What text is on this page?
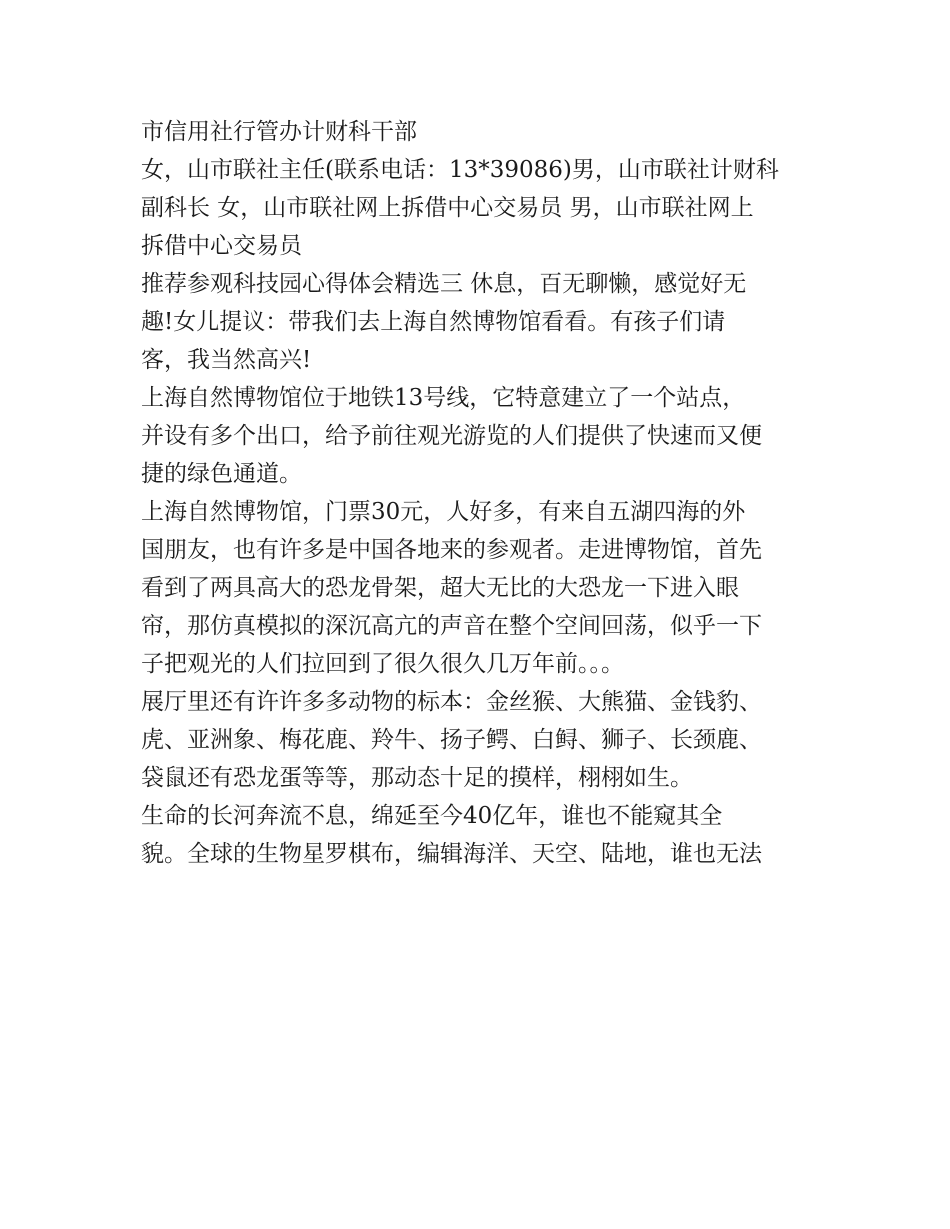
市信用社行管办计财科干部

女，山市联社主任(联系电话：13*39086)男，山市联社计财科

副科长 女，山市联社网上拆借中心交易员 男，山市联社网上

拆借中心交易员

推荐参观科技园心得体会精选三 休息，百无聊懒，感觉好无

趣!女儿提议：带我们去上海自然博物馆看看。有孩子们请

客，我当然高兴!

上海自然博物馆位于地铁13号线，它特意建立了一个站点，

并设有多个出口，给予前往观光游览的人们提供了快速而又便

捷的绿色通道。

上海自然博物馆，门票30元，人好多，有来自五湖四海的外

国朋友，也有许多是中国各地来的参观者。走进博物馆，首先

看到了两具高大的恐龙骨架，超大无比的大恐龙一下进入眼

帘，那仿真模拟的深沉高亢的声音在整个空间回荡，似乎一下

子把观光的人们拉回到了很久很久几万年前。。。

展厅里还有许许多多动物的标本：金丝猴、大熊猫、金钱豹、

虎、亚洲象、梅花鹿、羚牛、扬子鳄、白鲟、狮子、长颈鹿、

袋鼠还有恐龙蛋等等，那动态十足的摸样，栩栩如生。

生命的长河奔流不息，绵延至今40亿年，谁也不能窥其全

貌。全球的生物星罗棋布，编辑海洋、天空、陆地，谁也无法
